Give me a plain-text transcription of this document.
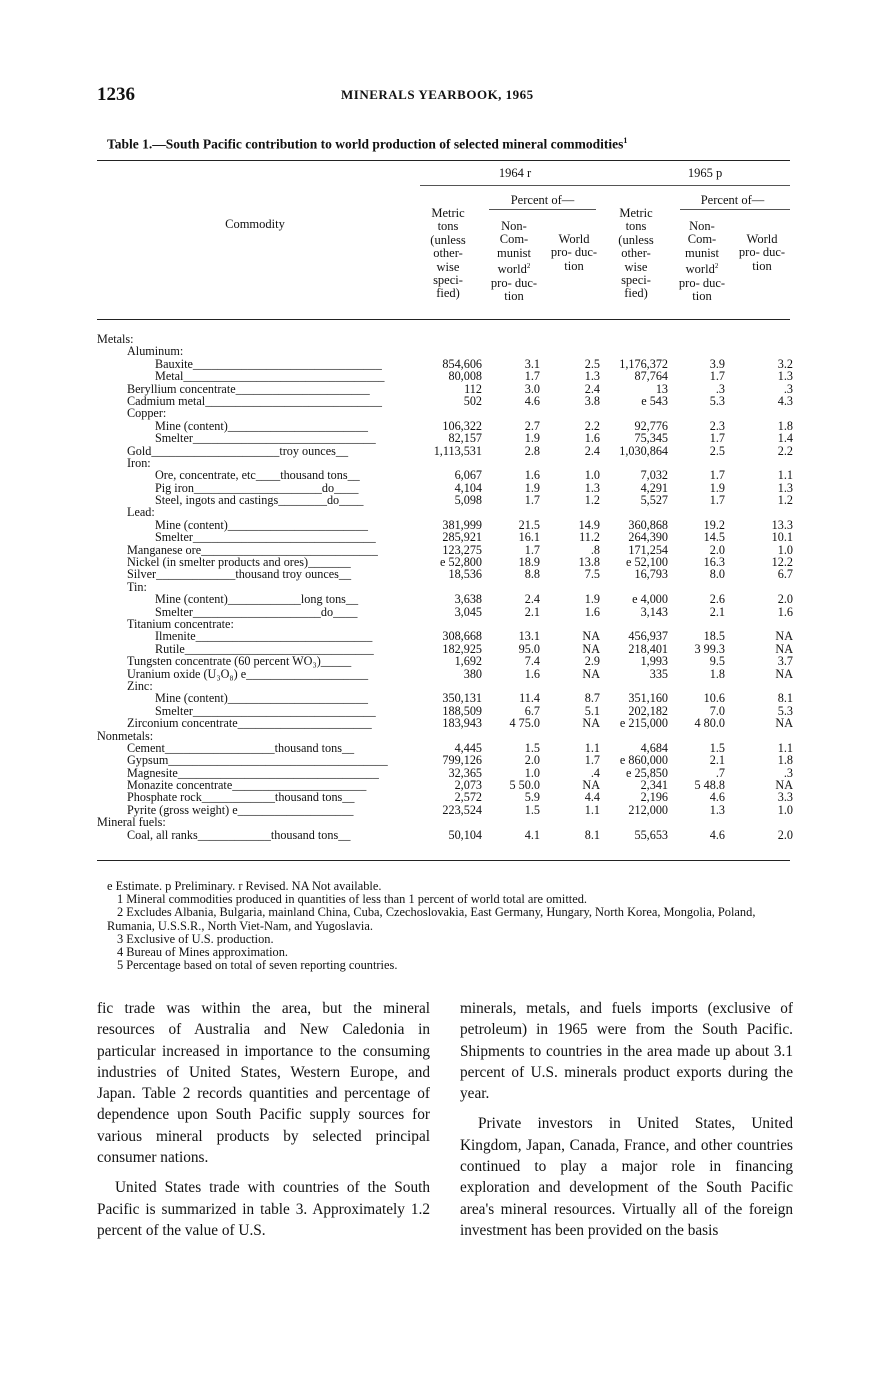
1236	MINERALS YEARBOOK, 1965
Table 1.—South Pacific contribution to world production of selected mineral commodities$^1$
Commodity
1964 r	1965 p
Percent of—	Percent of—
Metric tons (unless other- wise speci- fied)
Non- Com- munist world$^2$ pro- duc- tion
World pro- duc- tion
Metric tons (unless other- wise speci- fied)
Non- Com- munist world$^2$ pro- duc- tion
World pro- duc- tion
Metals:
Aluminum:
Bauxite_______________________________	854,606	3.1	2.5	1,176,372	3.9	3.2
Metal_________________________________	80,008	1.7	1.3	87,764	1.7	1.3
Beryllium concentrate______________________	112	3.0	2.4	13	.3	.3
Cadmium metal_____________________________	502	4.6	3.8	e 543	5.3	4.3
Copper:
Mine (content)_______________________	106,322	2.7	2.2	92,776	2.3	1.8
Smelter______________________________	82,157	1.9	1.6	75,345	1.7	1.4
Gold_____________________troy ounces__	1,113,531	2.8	2.4	1,030,864	2.5	2.2
Iron:
Ore, concentrate, etc____thousand tons__	6,067	1.6	1.0	7,032	1.7	1.1
Pig iron_____________________do____	4,104	1.9	1.3	4,291	1.9	1.3
Steel, ingots and castings________do____	5,098	1.7	1.2	5,527	1.7	1.2
Lead:
Mine (content)_______________________	381,999	21.5	14.9	360,868	19.2	13.3
Smelter______________________________	285,921	16.1	11.2	264,390	14.5	10.1
Manganese ore_____________________________	123,275	1.7	.8	171,254	2.0	1.0
Nickel (in smelter products and ores)_______	e 52,800	18.9	13.8	e 52,100	16.3	12.2
Silver_____________thousand troy ounces__	18,536	8.8	7.5	16,793	8.0	6.7
Tin:
Mine (content)____________long tons__	3,638	2.4	1.9	e 4,000	2.6	2.0
Smelter_____________________do____	3,045	2.1	1.6	3,143	2.1	1.6
Titanium concentrate:
Ilmenite_____________________________	308,668	13.1	NA	456,937	18.5	NA
Rutile_______________________________	182,925	95.0	NA	218,401	3 99.3	NA
Tungsten concentrate (60 percent WO₃)_____	1,692	7.4	2.9	1,993	9.5	3.7
Uranium oxide (U₃O₈) e____________________	380	1.6	NA	335	1.8	NA
Zinc:
Mine (content)_______________________	350,131	11.4	8.7	351,160	10.6	8.1
Smelter______________________________	188,509	6.7	5.1	202,182	7.0	5.3
Zirconium concentrate______________________	183,943	4 75.0	NA	e 215,000	4 80.0	NA
Nonmetals:
Cement__________________thousand tons__	4,445	1.5	1.1	4,684	1.5	1.1
Gypsum____________________________________	799,126	2.0	1.7	e 860,000	2.1	1.8
Magnesite_________________________________	32,365	1.0	.4	e 25,850	.7	.3
Monazite concentrate______________________	2,073	5 50.0	NA	2,341	5 48.8	NA
Phosphate rock____________thousand tons__	2,572	5.9	4.4	2,196	4.6	3.3
Pyrite (gross weight) e___________________	223,524	1.5	1.1	212,000	1.3	1.0
Mineral fuels:
Coal, all ranks____________thousand tons__	50,104	4.1	8.1	55,653	4.6	2.0

e Estimate. p Preliminary. r Revised. NA Not available.

1 Mineral commodities produced in quantities of less than 1 percent of world total are omitted.

2 Excludes Albania, Bulgaria, mainland China, Cuba, Czechoslovakia, East Germany, Hungary, North Korea, Mongolia, Poland, Rumania, U.S.S.R., North Viet-Nam, and Yugoslavia.

3 Exclusive of U.S. production.

4 Bureau of Mines approximation.

5 Percentage based on total of seven reporting countries.

fic trade was within the area, but the mineral resources of Australia and New Caledonia in particular increased in importance to the consuming industries of United States, Western Europe, and Japan. Table 2 records quantities and percentage of dependence upon South Pacific supply sources for various mineral products by selected principal consumer nations.

United States trade with countries of the South Pacific is summarized in table 3. Approximately 1.2 percent of the value of U.S.

minerals, metals, and fuels imports (exclusive of petroleum) in 1965 were from the South Pacific. Shipments to countries in the area made up about 3.1 percent of U.S. minerals product exports during the year.

Private investors in United States, United Kingdom, Japan, Canada, France, and other countries continued to play a major role in financing exploration and development of the South Pacific area's mineral resources. Virtually all of the foreign investment has been provided on the basis
